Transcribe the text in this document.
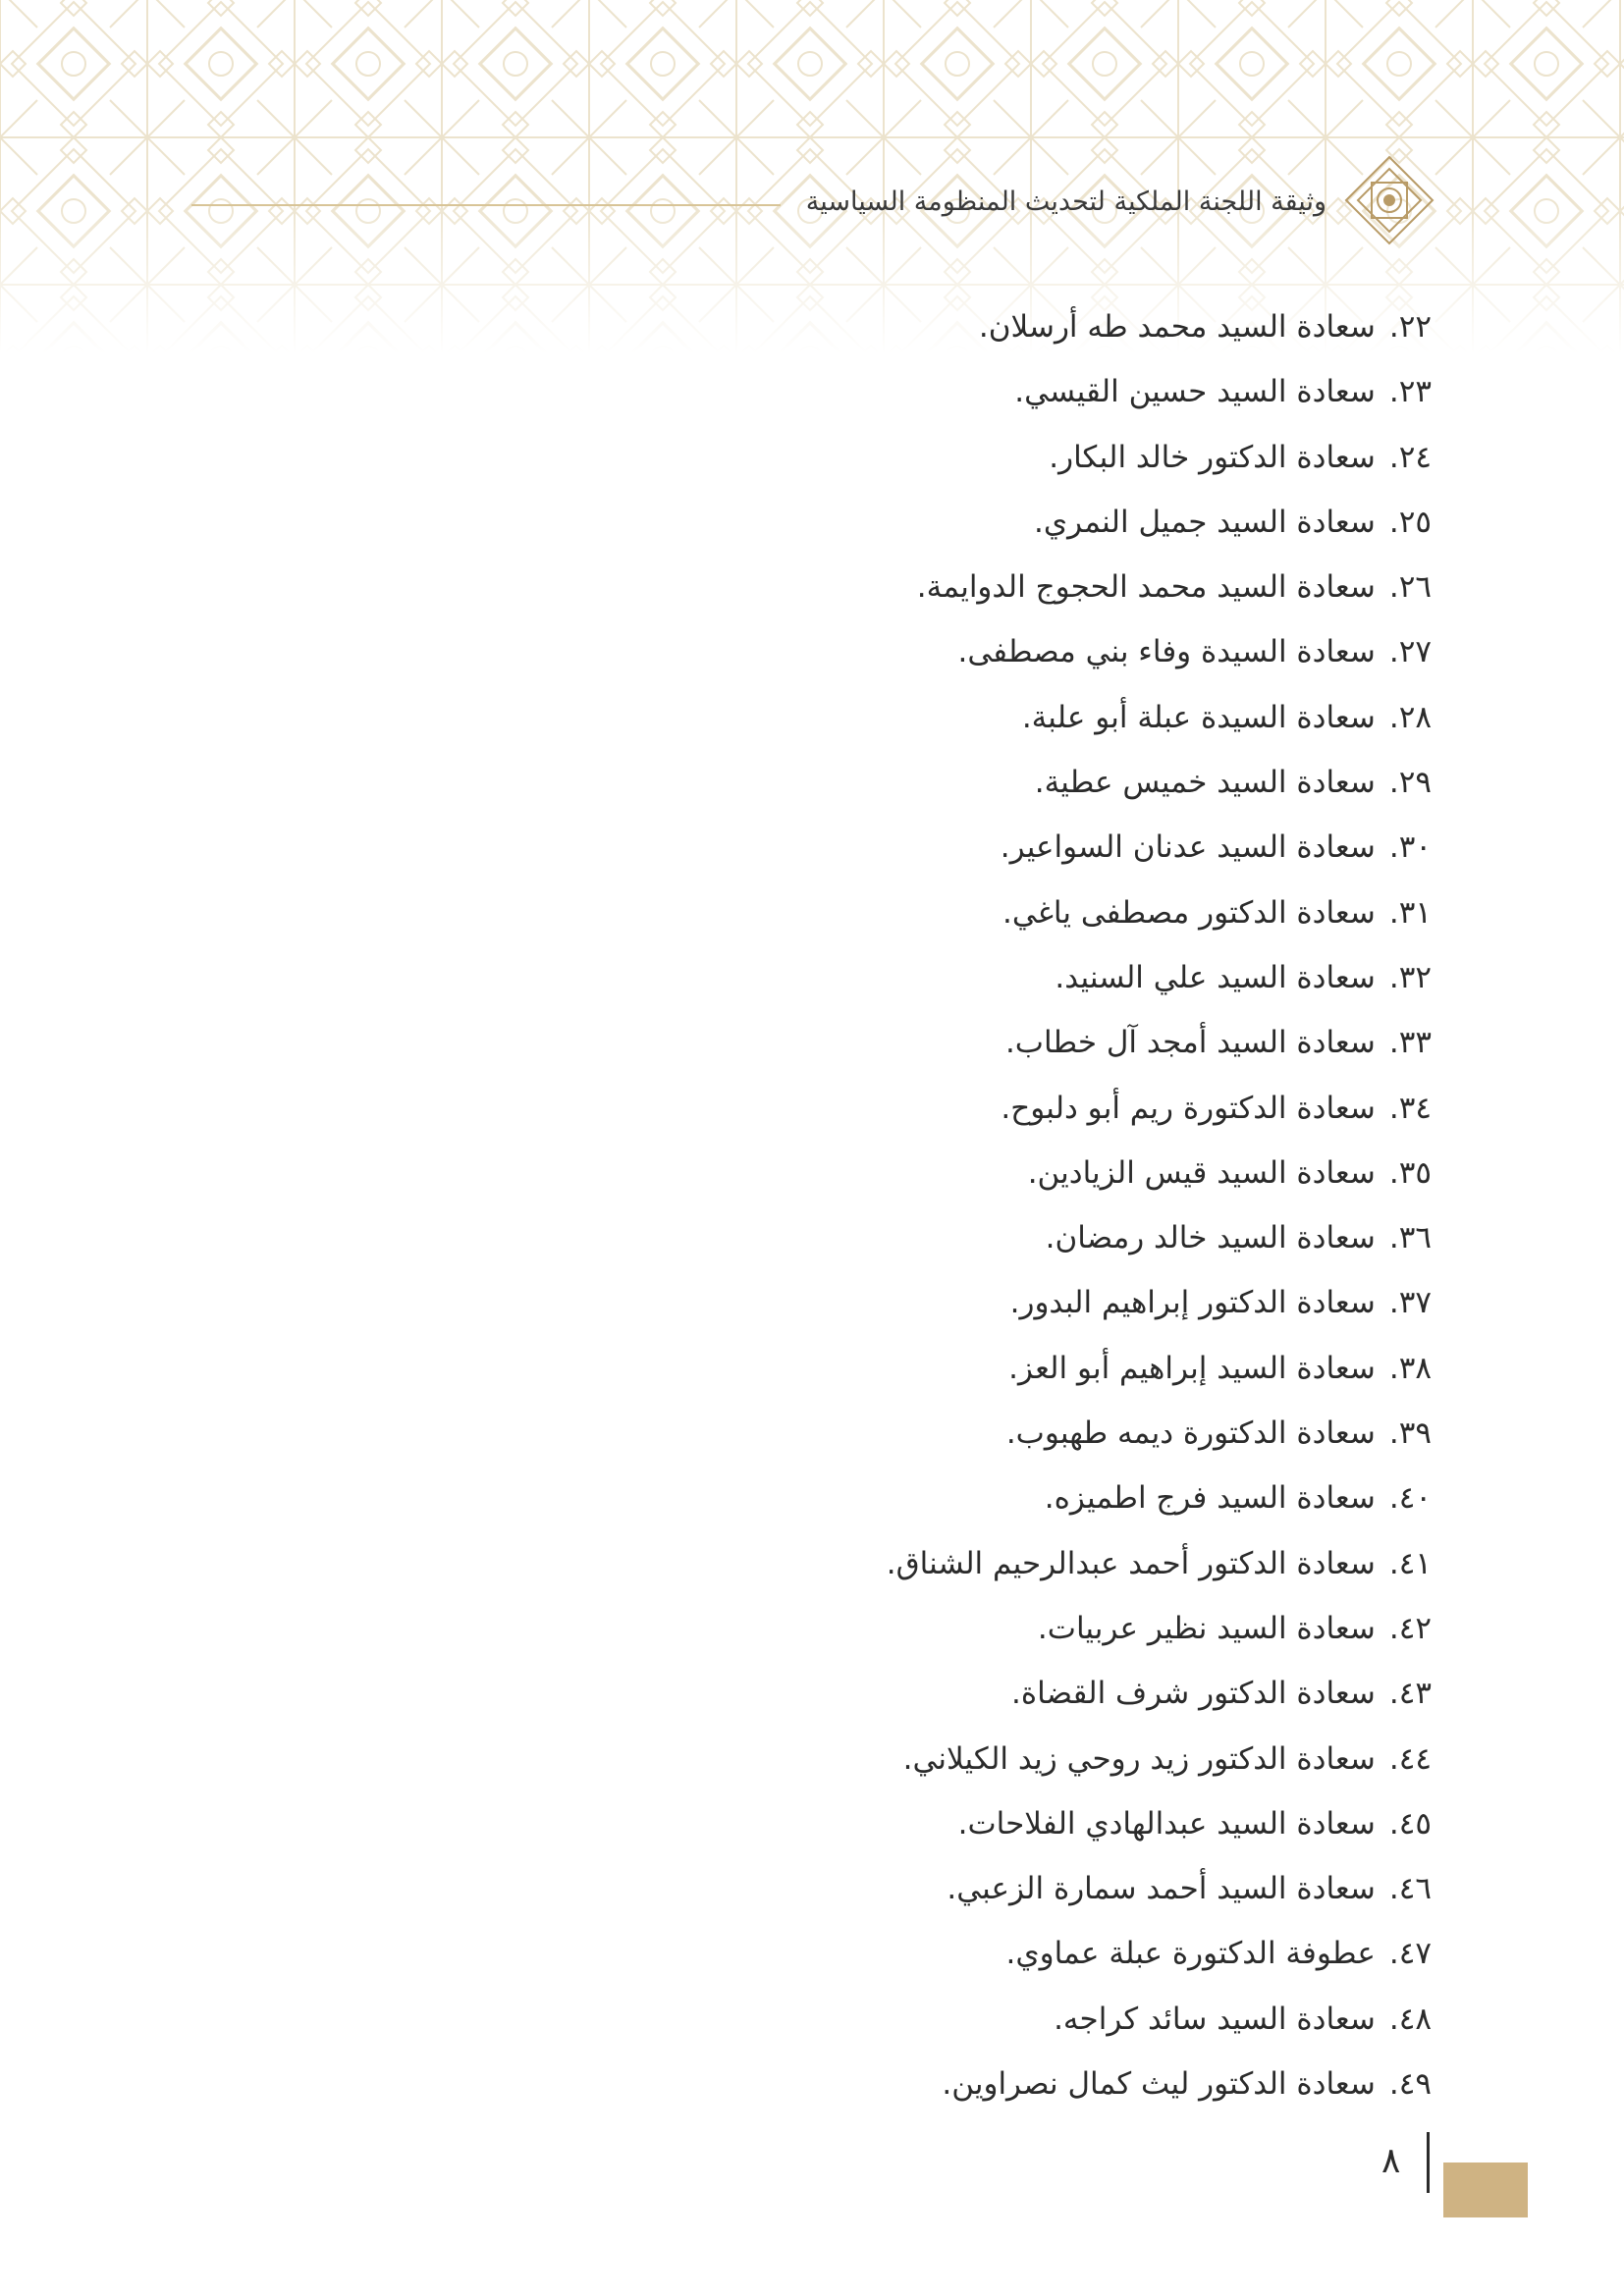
وثيقة اللجنة الملكية لتحديث المنظومة السياسية
٢٢.سعادة السيد محمد طه أرسلان.
٢٣.سعادة السيد حسين القيسي.
٢٤.سعادة الدكتور خالد البكار.
٢٥.سعادة السيد جميل النمري.
٢٦.سعادة السيد محمد الحجوج الدوايمة.
٢٧.سعادة السيدة وفاء بني مصطفى.
٢٨.سعادة السيدة عبلة أبو علبة.
٢٩.سعادة السيد خميس عطية.
٣٠.سعادة السيد عدنان السواعير.
٣١.سعادة الدكتور مصطفى ياغي.
٣٢.سعادة السيد علي السنيد.
٣٣.سعادة السيد أمجد آل خطاب.
٣٤.سعادة الدكتورة ريم أبو دلبوح.
٣٥.سعادة السيد قيس الزيادين.
٣٦.سعادة السيد خالد رمضان.
٣٧.سعادة الدكتور إبراهيم البدور.
٣٨.سعادة السيد إبراهيم أبو العز.
٣٩.سعادة الدكتورة ديمه طهبوب.
٤٠.سعادة السيد فرج اطميزه.
٤١.سعادة الدكتور أحمد عبدالرحيم الشناق.
٤٢.سعادة السيد نظير عربيات.
٤٣.سعادة الدكتور شرف القضاة.
٤٤.سعادة الدكتور زيد روحي زيد الكيلاني.
٤٥.سعادة السيد عبدالهادي الفلاحات.
٤٦.سعادة السيد أحمد سمارة الزعبي.
٤٧.عطوفة الدكتورة عبلة عماوي.
٤٨.سعادة السيد سائد كراجه.
٤٩.سعادة الدكتور ليث كمال نصراوين.
٨
